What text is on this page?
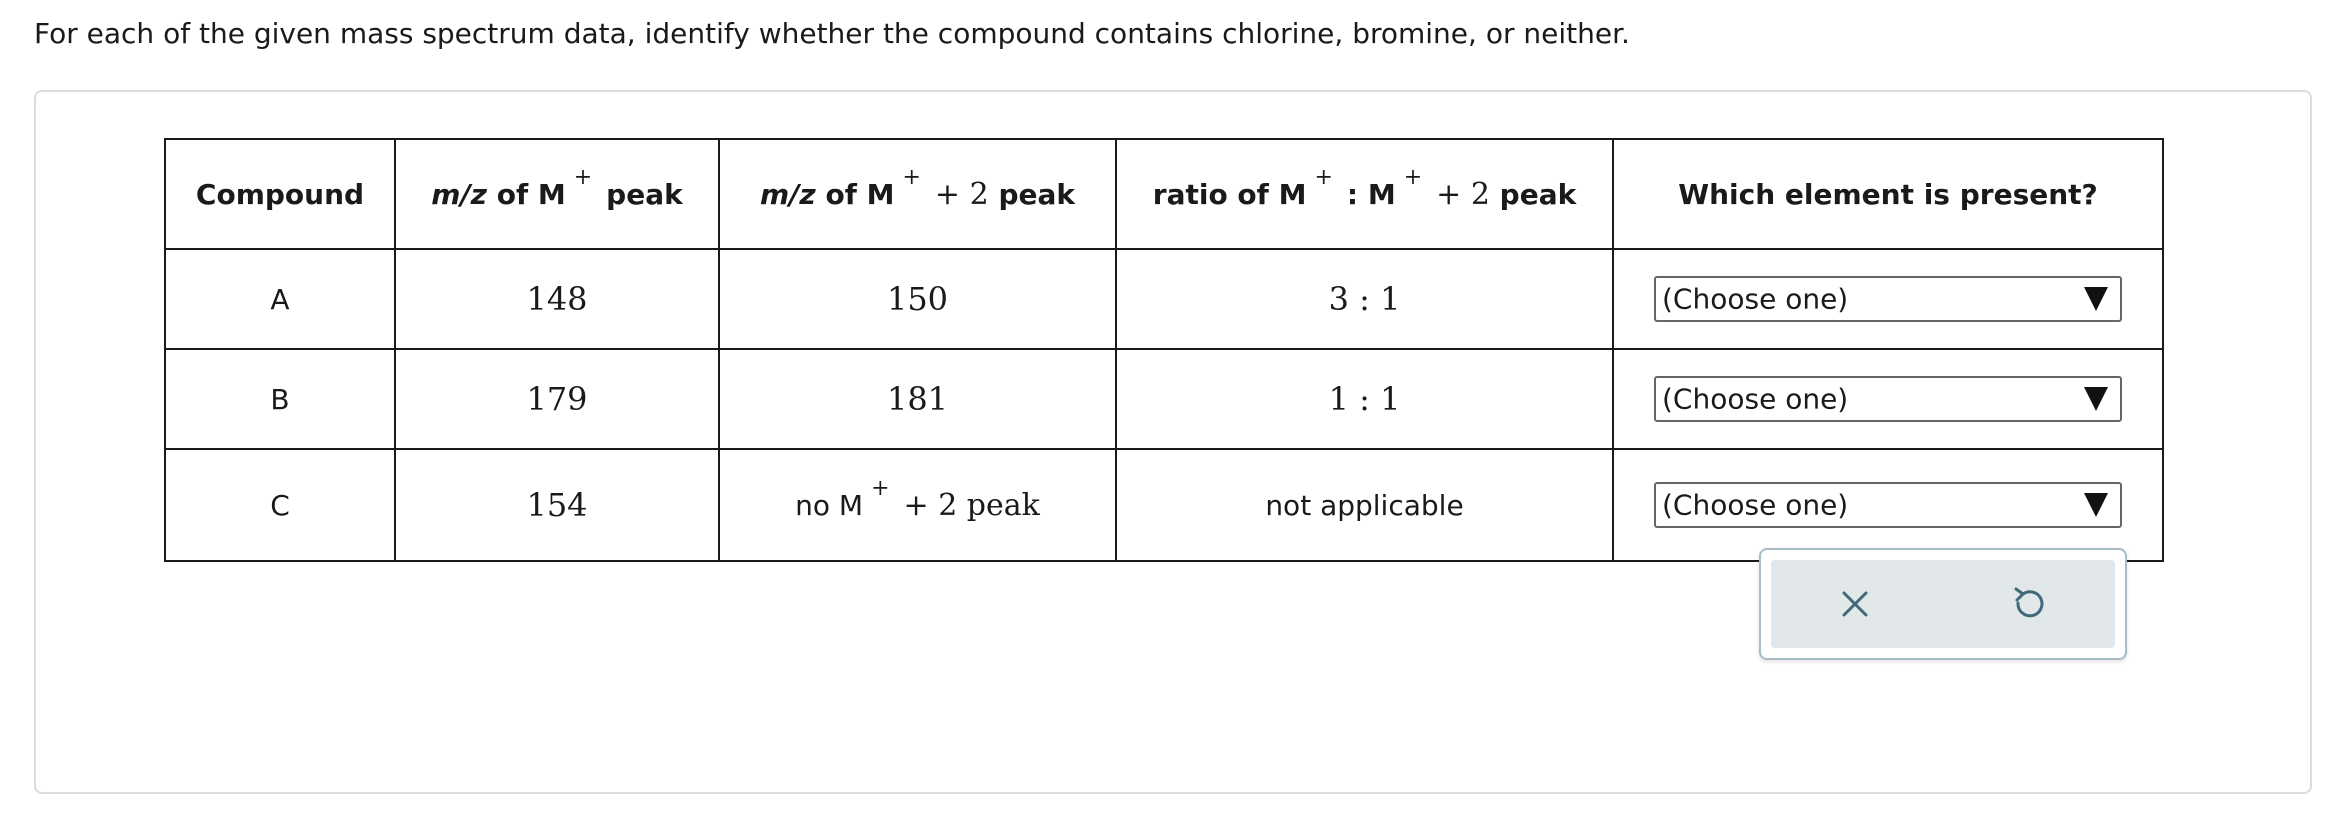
For each of the given mass spectrum data, identify whether the compound contains chlorine, bromine, or neither.

Compound	m/z of M+peak	m/z of M+ + 2 peak	ratio of M+: M+ + 2 peak	Which element is present?
A	148	150	3 : 1	(Choose one)

B	179	181	1 : 1	(Choose one)

C	154	no M+ + 2 peak	not applicable	(Choose one)
